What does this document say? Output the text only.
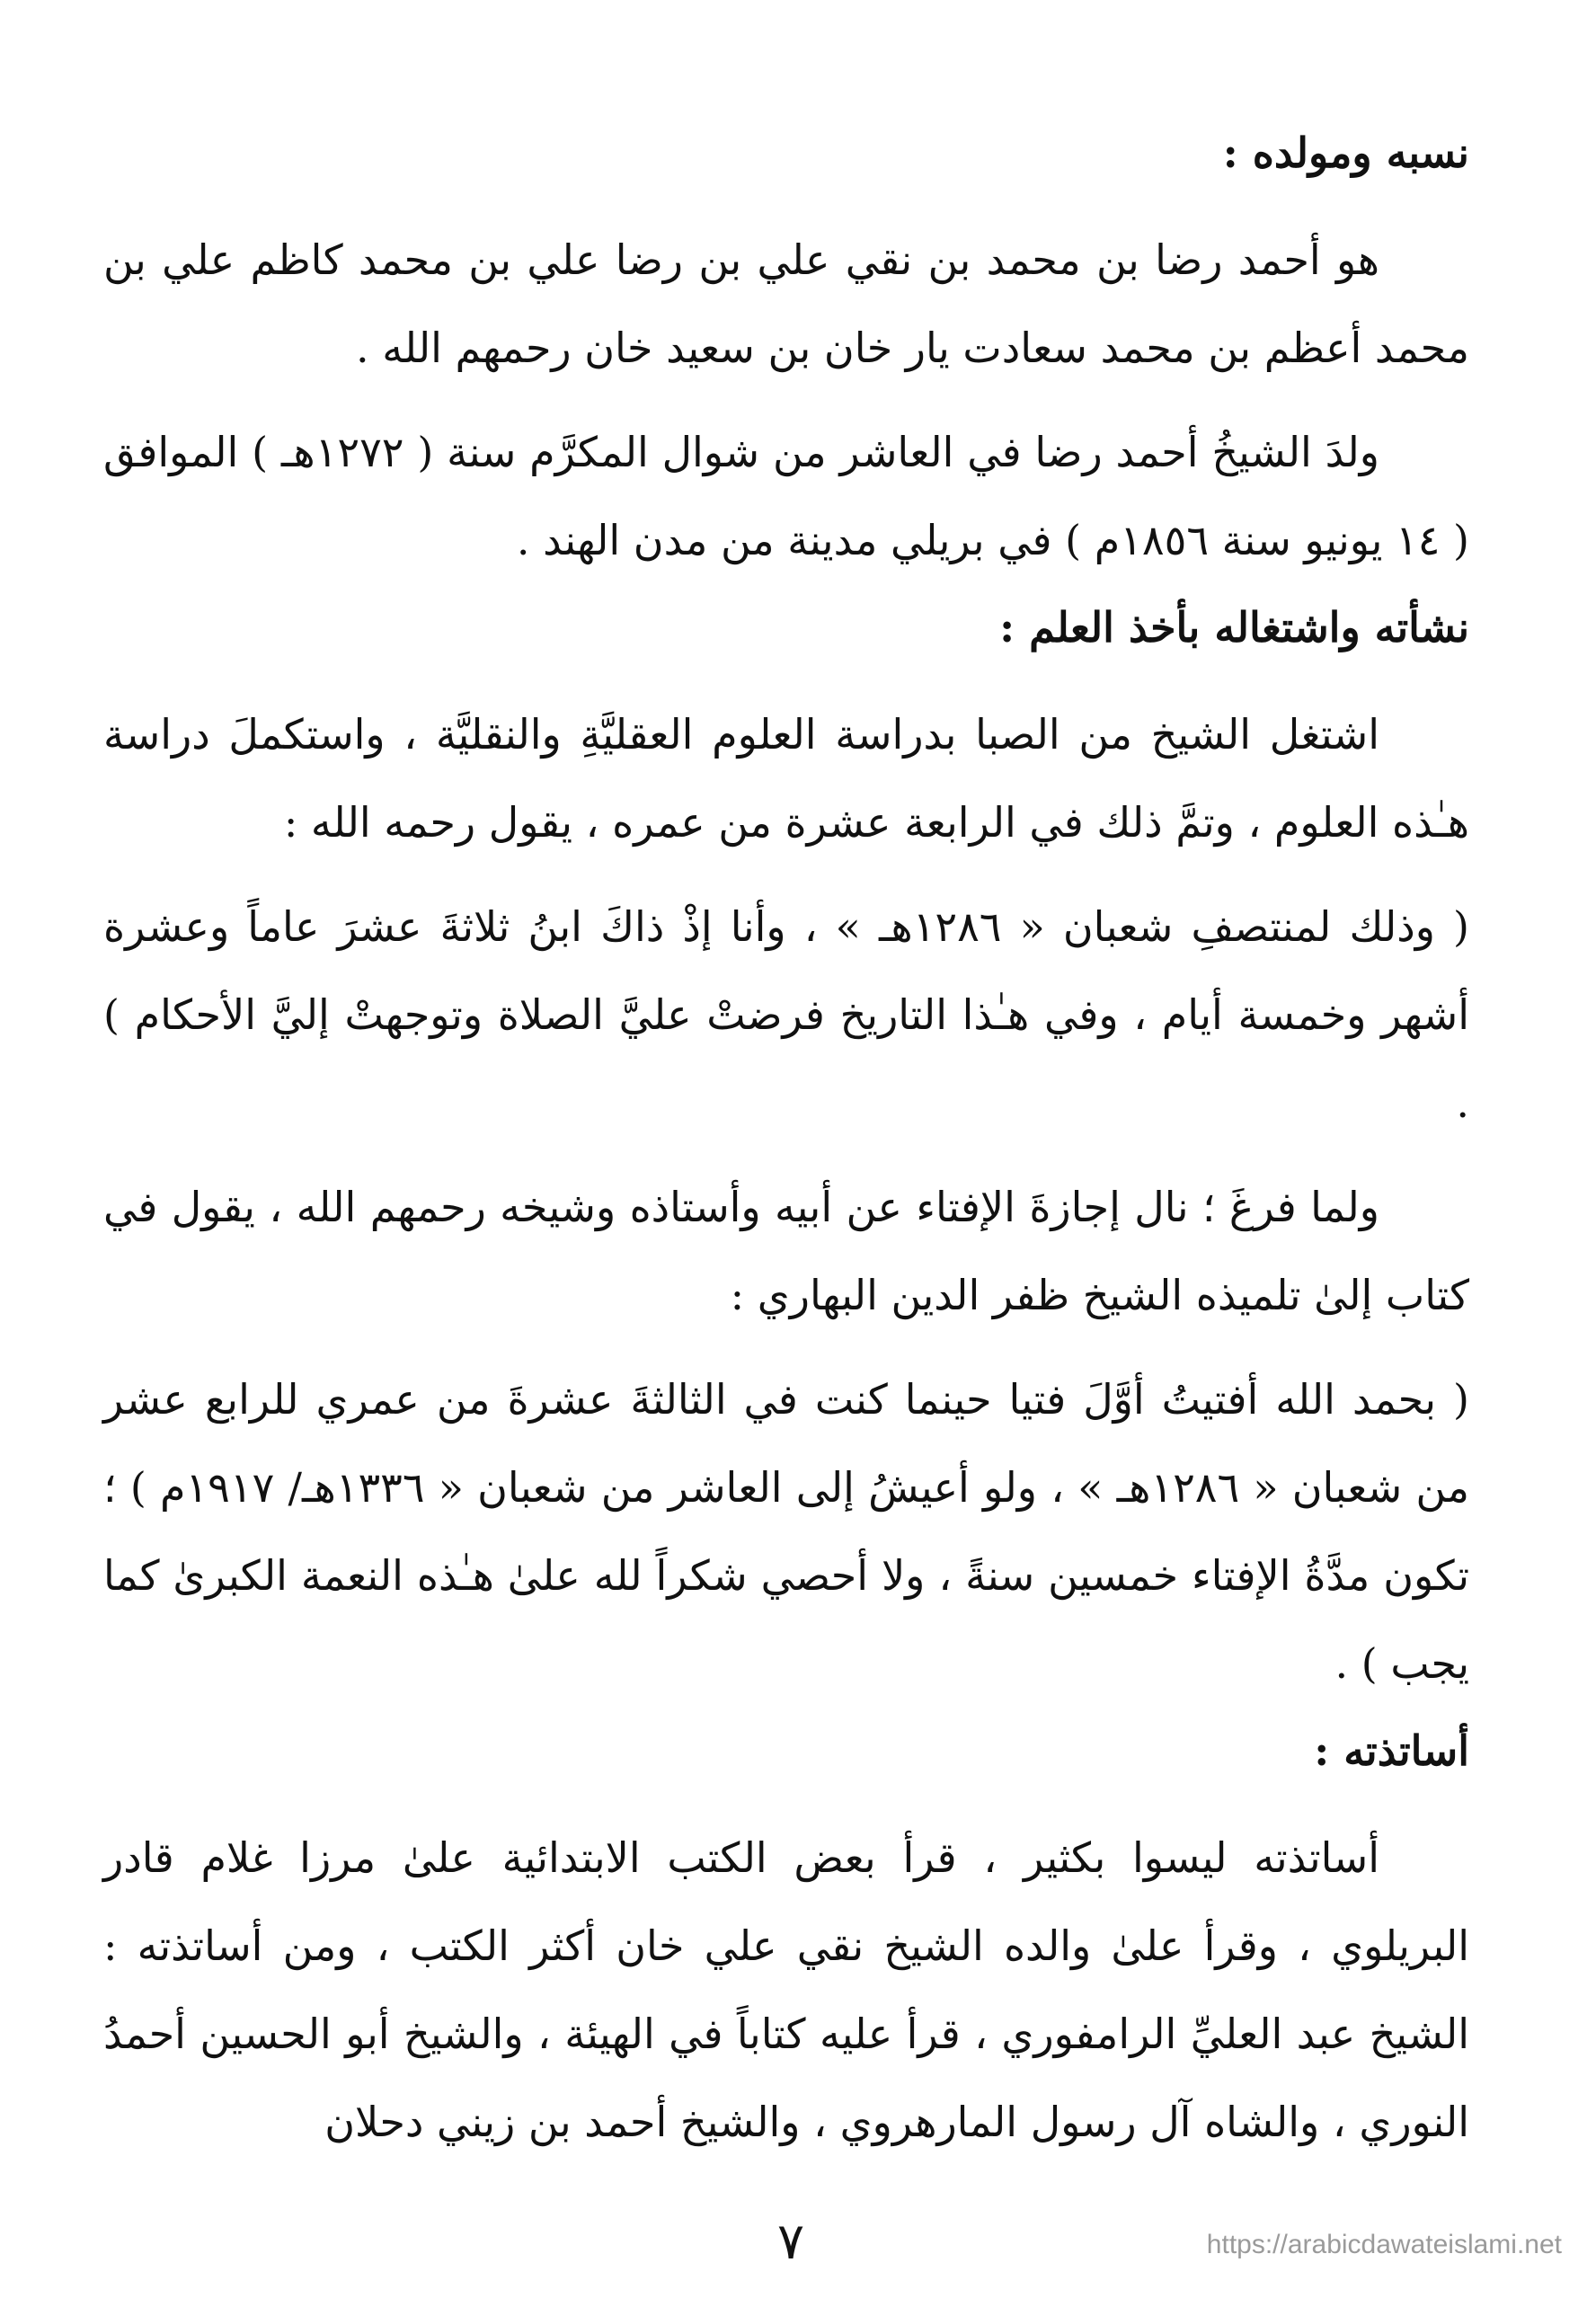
نسبه ومولده :

هو أحمد رضا بن محمد بن نقي علي بن رضا علي بن محمد كاظم علي بن محمد أعظم بن محمد سعادت يار خان بن سعيد خان رحمهم الله .

ولدَ الشيخُ أحمد رضا في العاشر من شوال المكرَّم سنة ( ١٢٧٢هـ ) الموافق ( ١٤ يونيو سنة ١٨٥٦م ) في بريلي مدينة من مدن الهند .

نشأته واشتغاله بأخذ العلم :

اشتغل الشيخ من الصبا بدراسة العلوم العقليَّةِ والنقليَّة ، واستكملَ دراسة هـٰذه العلوم ، وتمَّ ذلك في الرابعة عشرة من عمره ، يقول رحمه الله :

( وذلك لمنتصفِ شعبان « ١٢٨٦هـ » ، وأنا إذْ ذاكَ ابنُ ثلاثةَ عشرَ عاماً وعشرة أشهر وخمسة أيام ، وفي هـٰذا التاريخ فرضتْ عليَّ الصلاة وتوجهتْ إليَّ الأحكام ) .

ولما فرغَ ؛ نال إجازةَ الإفتاء عن أبيه وأستاذه وشيخه رحمهم الله ، يقول في كتاب إلىٰ تلميذه الشيخ ظفر الدين البهاري :

( بحمد الله أفتيتُ أوَّلَ فتيا حينما كنت في الثالثةَ عشرةَ من عمري للرابع عشر من شعبان « ١٢٨٦هـ » ، ولو أعيشُ إلى العاشر من شعبان « ١٣٣٦هـ/ ١٩١٧م ) ؛ تكون مدَّةُ الإفتاء خمسين سنةً ، ولا أحصي شكراً لله علىٰ هـٰذه النعمة الكبرىٰ كما يجب ) .

أساتذته :

أساتذته ليسوا بكثير ، قرأ بعض الكتب الابتدائية علىٰ مرزا غلام قادر البريلوي ، وقرأ علىٰ والده الشيخ نقي علي خان أكثر الكتب ، ومن أساتذته : الشيخ عبد العليِّ الرامفوري ، قرأ عليه كتاباً في الهيئة ، والشيخ أبو الحسين أحمدُ النوري ، والشاه آل رسول المارهروي ، والشيخ أحمد بن زيني دحلان

٧	https://arabicdawateislami.net
